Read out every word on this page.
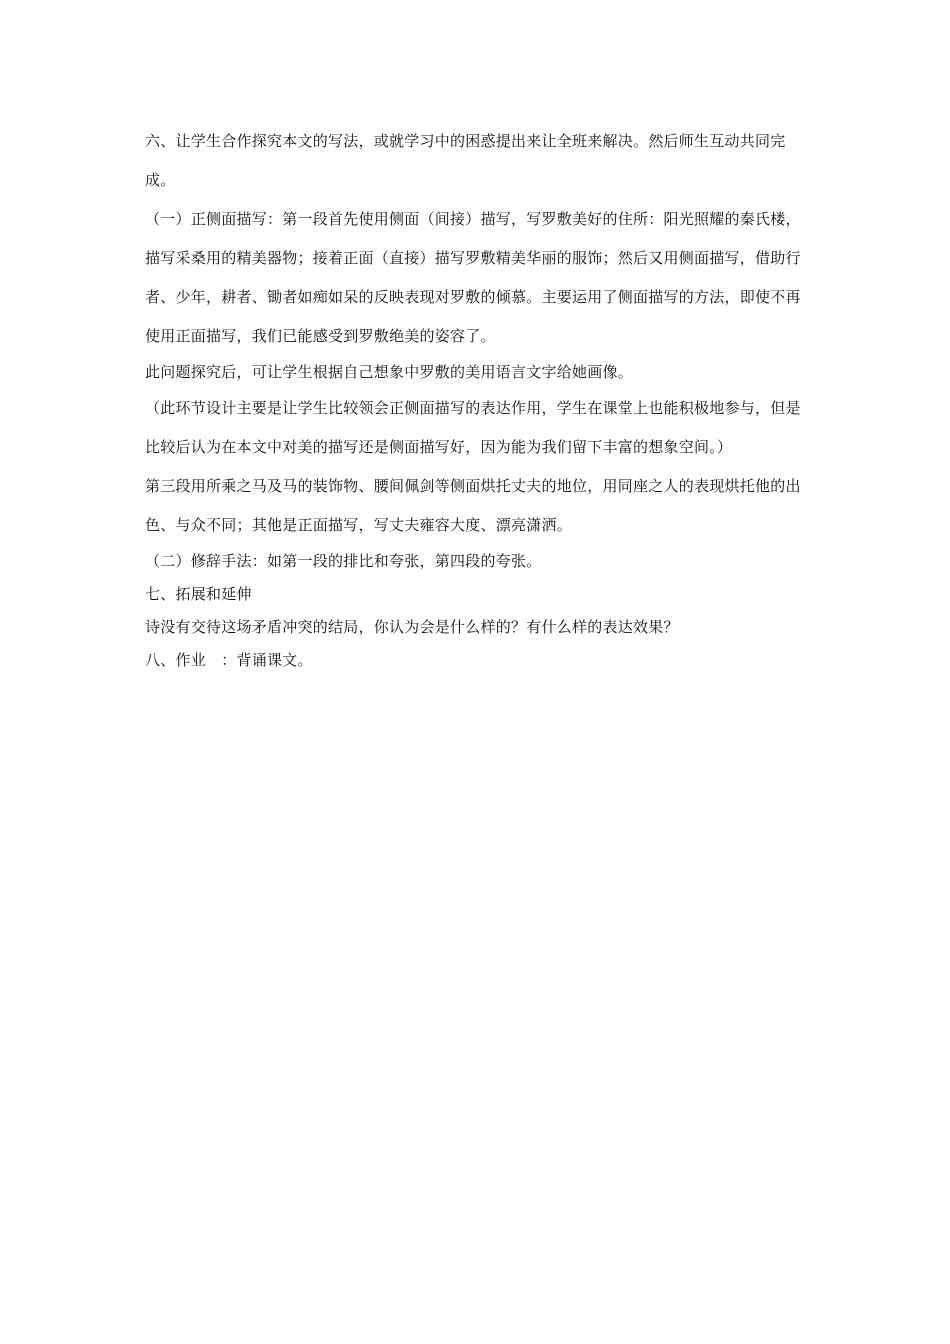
六、让学生合作探究本文的写法，或就学习中的困惑提出来让全班来解决。然后师生互动共同完成。

（一）正侧面描写：第一段首先使用侧面（间接）描写，写罗敷美好的住所：阳光照耀的秦氏楼，描写采桑用的精美器物；接着正面（直接）描写罗敷精美华丽的服饰；然后又用侧面描写，借助行者、少年，耕者、锄者如痴如呆的反映表现对罗敷的倾慕。主要运用了侧面描写的方法，即使不再使用正面描写，我们已能感受到罗敷绝美的姿容了。

此问题探究后，可让学生根据自己想象中罗敷的美用语言文字给她画像。

（此环节设计主要是让学生比较领会正侧面描写的表达作用，学生在课堂上也能积极地参与，但是比较后认为在本文中对美的描写还是侧面描写好，因为能为我们留下丰富的想象空间。）

第三段用所乘之马及马的装饰物、腰间佩剑等侧面烘托丈夫的地位，用同座之人的表现烘托他的出色、与众不同；其他是正面描写，写丈夫雍容大度、漂亮潇洒。

（二）修辞手法：如第一段的排比和夸张，第四段的夸张。

七、拓展和延伸

诗没有交待这场矛盾冲突的结局，你认为会是什么样的？有什么样的表达效果？

八、作业　：背诵课文。
